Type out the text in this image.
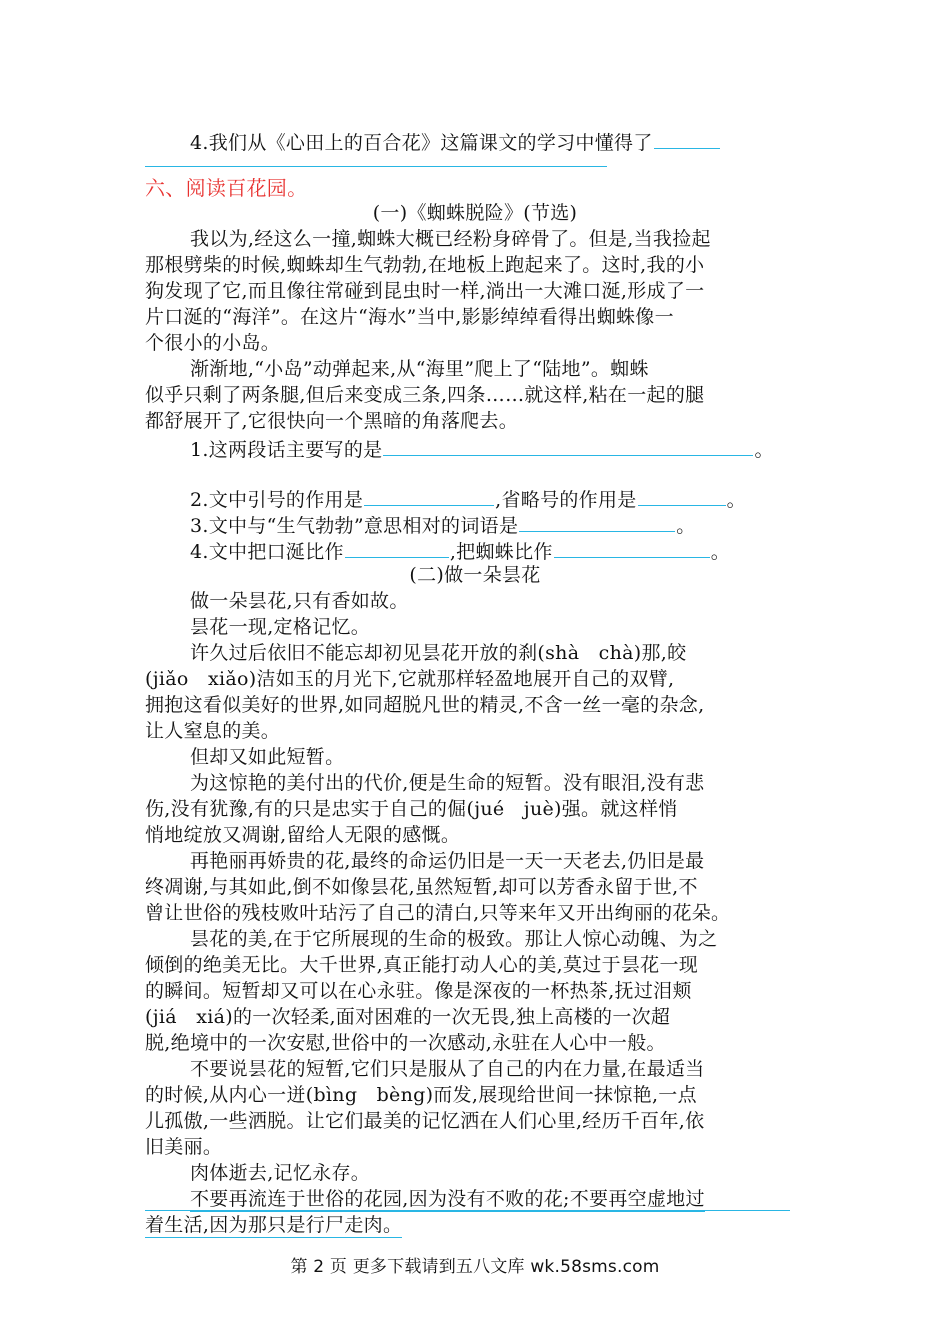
4.我们从《心田上的百合花》这篇课文的学习中懂得了
六、阅读百花园。
(一)《蜘蛛脱险》(节选)
我以为,经这么一撞,蜘蛛大概已经粉身碎骨了。但是,当我捡起
那根劈柴的时候,蜘蛛却生气勃勃,在地板上跑起来了。这时,我的小
狗发现了它,而且像往常碰到昆虫时一样,淌出一大滩口涎,形成了一
片口涎的“海洋”。在这片“海水”当中,影影绰绰看得出蜘蛛像一
个很小的小岛。
渐渐地,“小岛”动弹起来,从“海里”爬上了“陆地”。蜘蛛
似乎只剩了两条腿,但后来变成三条,四条……就这样,粘在一起的腿
都舒展开了,它很快向一个黑暗的角落爬去。
1.这两段话主要写的是	。
2.文中引号的作用是	,省略号的作用是	。
3.文中与“生气勃勃”意思相对的词语是	。
4.文中把口涎比作	,把蜘蛛比作	。
(二)做一朵昙花
做一朵昙花,只有香如故。
昙花一现,定格记忆。
许久过后依旧不能忘却初见昙花开放的刹(shà　chà)那,皎
(jiǎo　xiǎo)洁如玉的月光下,它就那样轻盈地展开自己的双臂,
拥抱这看似美好的世界,如同超脱凡世的精灵,不含一丝一毫的杂念,
让人窒息的美。
但却又如此短暂。
为这惊艳的美付出的代价,便是生命的短暂。没有眼泪,没有悲
伤,没有犹豫,有的只是忠实于自己的倔(jué　juè)强。就这样悄
悄地绽放又凋谢,留给人无限的感慨。
再艳丽再娇贵的花,最终的命运仍旧是一天一天老去,仍旧是最
终凋谢,与其如此,倒不如像昙花,虽然短暂,却可以芳香永留于世,不
曾让世俗的残枝败叶玷污了自己的清白,只等来年又开出绚丽的花朵。
昙花的美,在于它所展现的生命的极致。那让人惊心动魄、为之
倾倒的绝美无比。大千世界,真正能打动人心的美,莫过于昙花一现
的瞬间。短暂却又可以在心永驻。像是深夜的一杯热茶,抚过泪颊
(jiá　xiá)的一次轻柔,面对困难的一次无畏,独上高楼的一次超
脱,绝境中的一次安慰,世俗中的一次感动,永驻在人心中一般。
不要说昙花的短暂,它们只是服从了自己的内在力量,在最适当
的时候,从内心一迸(bìng　bèng)而发,展现给世间一抹惊艳,一点
儿孤傲,一些洒脱。让它们最美的记忆洒在人们心里,经历千百年,依
旧美丽。
肉体逝去,记忆永存。
不要再流连于世俗的花园,因为没有不败的花;不要再空虚地过
着生活,因为那只是行尸走肉。
第 2 页 更多下载请到五八文库 wk.58sms.com
